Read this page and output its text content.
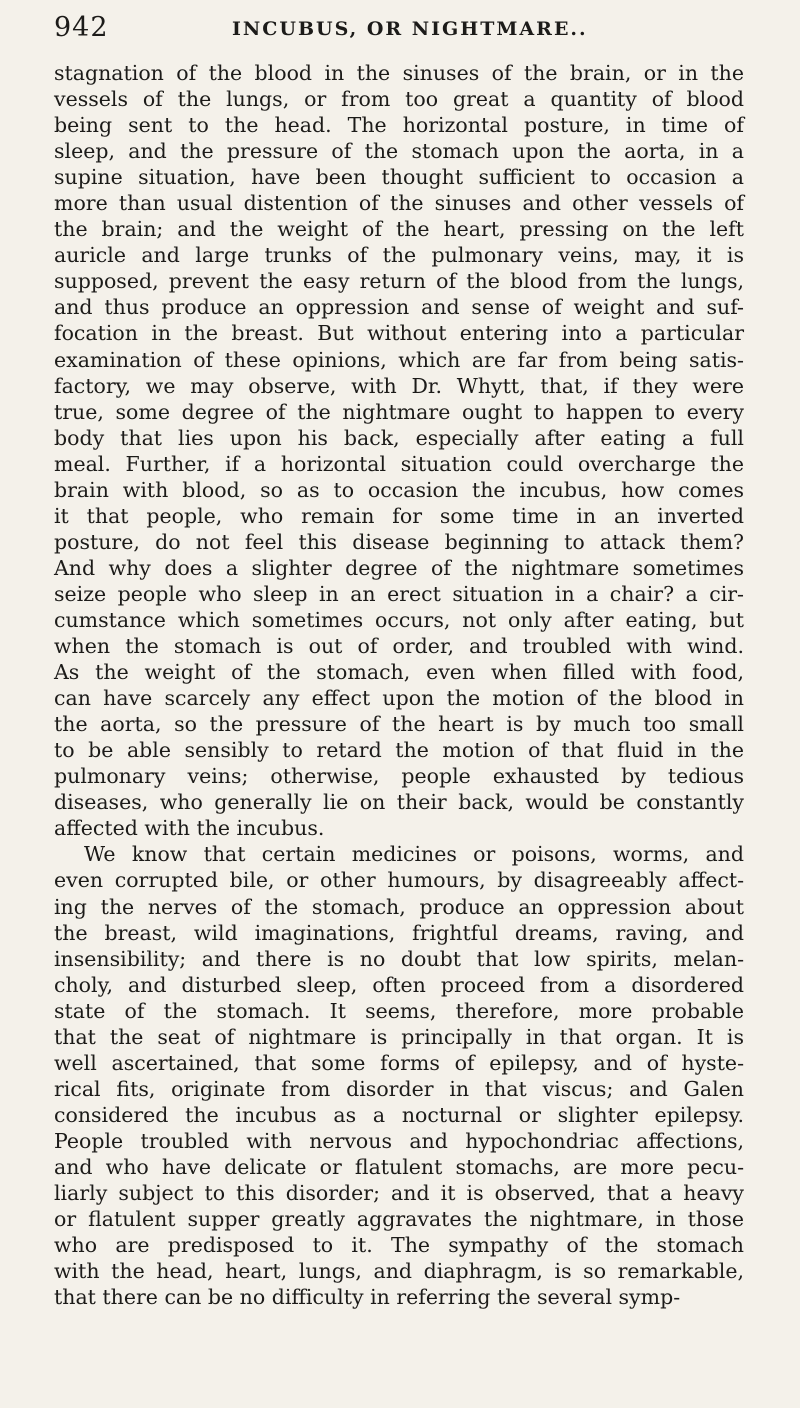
942	INCUBUS, OR NIGHTMARE..
stagnation of the blood in the sinuses of the brain, or in the
vessels of the lungs, or from too great a quantity of blood
being sent to the head. The horizontal posture, in time of
sleep, and the pressure of the stomach upon the aorta, in a
supine situation, have been thought sufficient to occasion a
more than usual distention of the sinuses and other vessels of
the brain; and the weight of the heart, pressing on the left
auricle and large trunks of the pulmonary veins, may, it is
supposed, prevent the easy return of the blood from the lungs,
and thus produce an oppression and sense of weight and suf-
focation in the breast. But without entering into a particular
examination of these opinions, which are far from being satis-
factory, we may observe, with Dr. Whytt, that, if they were
true, some degree of the nightmare ought to happen to every
body that lies upon his back, especially after eating a full
meal. Further, if a horizontal situation could overcharge the
brain with blood, so as to occasion the incubus, how comes
it that people, who remain for some time in an inverted
posture, do not feel this disease beginning to attack them?
And why does a slighter degree of the nightmare sometimes
seize people who sleep in an erect situation in a chair? a cir-
cumstance which sometimes occurs, not only after eating, but
when the stomach is out of order, and troubled with wind.
As the weight of the stomach, even when filled with food,
can have scarcely any effect upon the motion of the blood in
the aorta, so the pressure of the heart is by much too small
to be able sensibly to retard the motion of that fluid in the
pulmonary veins; otherwise, people exhausted by tedious
diseases, who generally lie on their back, would be constantly
affected with the incubus.
We know that certain medicines or poisons, worms, and
even corrupted bile, or other humours, by disagreeably affect-
ing the nerves of the stomach, produce an oppression about
the breast, wild imaginations, frightful dreams, raving, and
insensibility; and there is no doubt that low spirits, melan-
choly, and disturbed sleep, often proceed from a disordered
state of the stomach. It seems, therefore, more probable
that the seat of nightmare is principally in that organ. It is
well ascertained, that some forms of epilepsy, and of hyste-
rical fits, originate from disorder in that viscus; and Galen
considered the incubus as a nocturnal or slighter epilepsy.
People troubled with nervous and hypochondriac affections,
and who have delicate or flatulent stomachs, are more pecu-
liarly subject to this disorder; and it is observed, that a heavy
or flatulent supper greatly aggravates the nightmare, in those
who are predisposed to it. The sympathy of the stomach
with the head, heart, lungs, and diaphragm, is so remarkable,
that there can be no difficulty in referring the several symp-
